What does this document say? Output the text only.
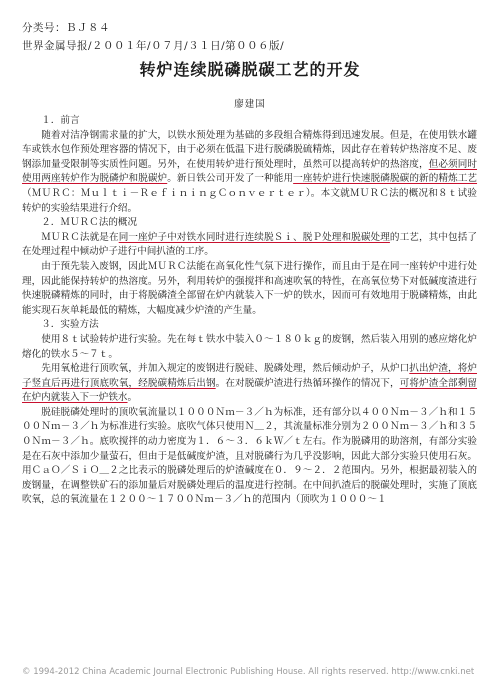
分类号：ＢＪ８４
世界金属导报/２００１年/０７月/３１日/第００６版/
转炉连续脱磷脱碳工艺的开发
廖建国
１．前言

随着对洁净钢需求量的扩大，以铁水预处理为基础的多段组合精炼得到迅速发展。但是，在使用铁水罐车或铁水包作预处理容器的情况下，由于必须在低温下进行脱磷脱硫精炼，因此存在着转炉热溶度不足、废钢添加量受限制等实质性问题。另外，在使用转炉进行预处理时，虽然可以提高转炉的热溶度，但必须同时使用两座转炉作为脱磷炉和脱碳炉。新日铁公司开发了一种能用一座转炉进行快速脱磷脱碳的新的精炼工艺（ＭＵＲＣ：Ｍｕｌｔｉ－ＲｅｆｉｎｉｎｇＣｏｎｖｅｒｔｅｒ）。本文就ＭＵＲＣ法的概况和８ｔ试验转炉的实验结果进行介绍。

２．ＭＵＲＣ法的概况

ＭＵＲＣ法就是在同一座炉子中对铁水同时进行连续脱Ｓｉ、脱Ｐ处理和脱碳处理的工艺，其中包括了在处理过程中倾动炉子进行中间扒渣的工序。

由于预先装入废钢，因此ＭＵＲＣ法能在高氧化性气氛下进行操作，而且由于是在同一座转炉中进行处理，因此能保持转炉的热溶度。另外，利用转炉的强搅拌和高速吹氧的特性，在高氧位势下对低碱度渣进行快速脱磷精炼的同时，由于将脱磷渣全部留在炉内就装入下一炉的铁水，因而可有效地用于脱磷精炼，由此能实现石灰单耗最低的精炼，大幅度减少炉渣的产生量。

３．实验方法

使用８ｔ试验转炉进行实验。先在每ｔ铁水中装入０～１８０ｋｇ的废钢，然后装入用别的感应熔化炉熔化的铁水５～７ｔ。

先用氧枪进行顶吹氧，并加入规定的废钢进行脱硅、脱磷处理，然后倾动炉子，从炉口扒出炉渣，将炉子竖直后再进行顶底吹氧，经脱碳精炼后出钢。在对脱碳炉渣进行热循环操作的情况下，可将炉渣全部剩留在炉内就装入下一炉铁水。

脱硅脱磷处理时的顶吹氧流量以１０００Ｎｍ－３／ｈ为标准，还有部分以４００Ｎｍ－３／ｈ和１５００Ｎｍ－３／ｈ为标准进行实验。底吹气体只使用Ｎ＿２，其流量标准分别为２００Ｎｍ－３／ｈ和３５０Ｎｍ－３／ｈ。底吹搅拌的动力密度为１．６～３．６ｋＷ／ｔ左右。作为脱磷用的助溶剂，有部分实验是在石灰中添加少量萤石，但由于是低碱度炉渣，且对脱磷行为几乎没影响，因此大部分实验只使用石灰。用ＣａＯ／ＳｉＯ＿２之比表示的脱磷处理后的炉渣碱度在０．９～２．２范围内。另外，根据最初装入的废钢量，在调整铁矿石的添加量后对脱磷处理后的温度进行控制。在中间扒渣后的脱碳处理时，实施了顶底吹氧，总的氧流量在１２００～１７００Ｎｍ－３／ｈ的范围内（顶吹为１０００～１

© 1994-2012 China Academic Journal Electronic Publishing House. All rights reserved. http://www.cnki.net
